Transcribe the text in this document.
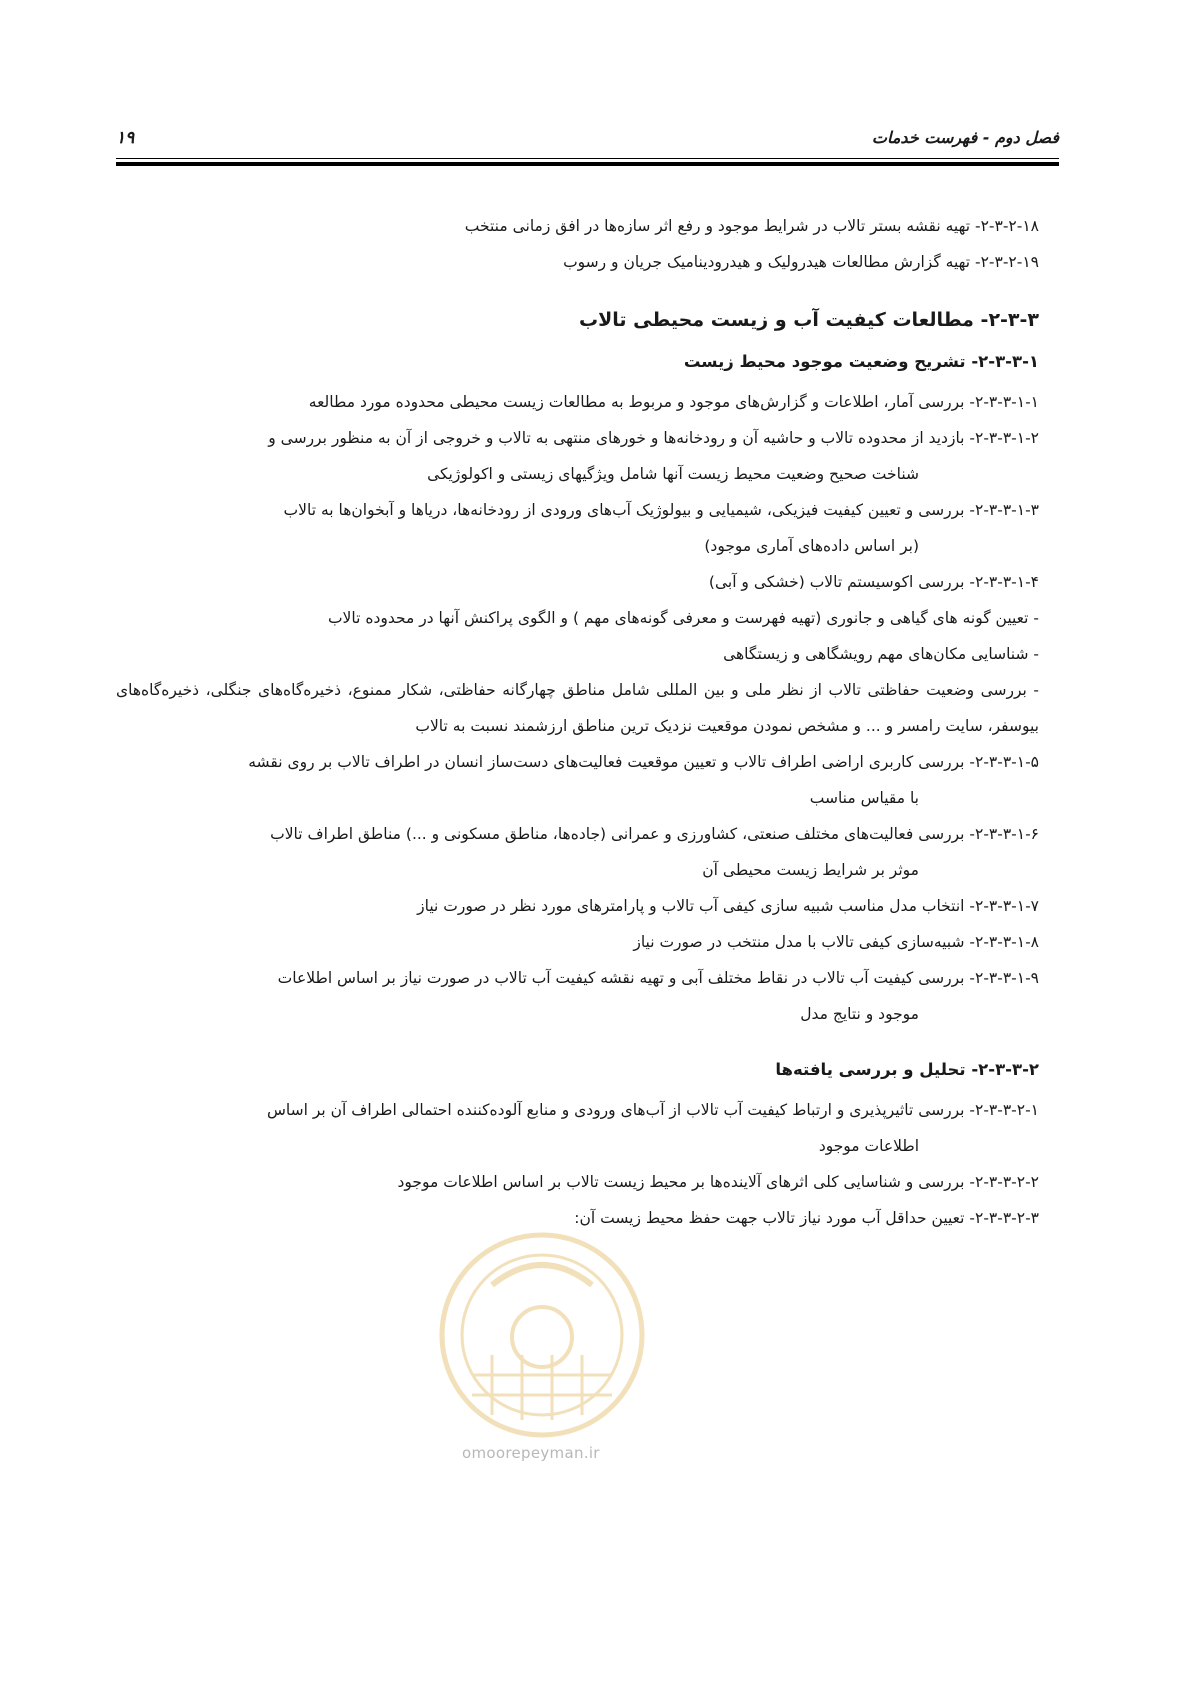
فصل دوم - فهرست خدمات
۱۹
۲-۳-۲-۱۸- تهیه نقشه بستر تالاب در شرایط موجود و رفع اثر سازه‌ها در افق زمانی منتخب
۲-۳-۲-۱۹- تهیه گزارش مطالعات هیدرولیک و هیدرودینامیک جریان و رسوب
۲-۳-۳- مطالعات کیفیت آب و زیست محیطی تالاب
۲-۳-۳-۱- تشریح وضعیت موجود محیط زیست
۲-۳-۳-۱-۱- بررسی آمار، اطلاعات و گزارش‌های موجود و مربوط به مطالعات زیست محیطی محدوده مورد مطالعه
۲-۳-۳-۱-۲- بازدید از محدوده تالاب و حاشیه آن و رودخانه‌ها و خورهای منتهی به تالاب و خروجی از آن به منظور بررسی و
شناخت صحیح وضعیت محیط زیست آنها شامل ویژگیهای زیستی و اکولوژیکی
۲-۳-۳-۱-۳- بررسی و تعیین کیفیت فیزیکی، شیمیایی و بیولوژیک آب‌های ورودی از رودخانه‌ها، دریاها و آبخوان‌ها به تالاب
(بر اساس داده‌های آماری موجود)
۲-۳-۳-۱-۴- بررسی اکوسیستم تالاب (خشکی و آبی)
- تعیین گونه های گیاهی و جانوری (تهیه فهرست و معرفی گونه‌های مهم ) و الگوی پراکنش آنها در محدوده تالاب
- شناسایی مکان‌های مهم رویشگاهی و زیستگاهی
- بررسی وضعیت حفاظتی تالاب از نظر ملی و بین المللی شامل مناطق چهارگانه حفاظتی، شکار ممنوع، ذخیره‌گاه‌های جنگلی، ذخیره‌گاه‌های بیوسفر، سایت رامسر و ... و مشخص نمودن موقعیت نزدیک ترین مناطق ارزشمند نسبت به تالاب
۲-۳-۳-۱-۵- بررسی کاربری اراضی اطراف تالاب و تعیین موقعیت فعالیت‌های دست‌ساز انسان در اطراف تالاب بر روی نقشه
با مقیاس مناسب
۲-۳-۳-۱-۶- بررسی فعالیت‌های مختلف صنعتی، کشاورزی و عمرانی (جاده‌ها، مناطق مسکونی و ...) مناطق اطراف تالاب
موثر بر شرایط زیست محیطی آن
۲-۳-۳-۱-۷- انتخاب مدل مناسب شبیه سازی کیفی آب تالاب و پارامترهای مورد نظر در صورت نیاز
۲-۳-۳-۱-۸- شبیه‌سازی کیفی تالاب با مدل منتخب در صورت نیاز
۲-۳-۳-۱-۹- بررسی کیفیت آب تالاب در نقاط مختلف آبی و تهیه نقشه کیفیت آب تالاب در صورت نیاز بر اساس اطلاعات
موجود و نتایج مدل
۲-۳-۳-۲- تحلیل و بررسی یافته‌ها
۲-۳-۳-۲-۱- بررسی تاثیرپذیری و ارتباط کیفیت آب تالاب از آب‌های ورودی و منابع آلوده‌کننده احتمالی اطراف آن بر اساس
اطلاعات موجود
۲-۳-۳-۲-۲- بررسی و شناسایی کلی اثرهای آلاینده‌ها بر محیط زیست تالاب بر اساس اطلاعات موجود
۲-۳-۳-۲-۳- تعیین حداقل آب مورد نیاز تالاب جهت حفظ محیط زیست آن:
omoorepeyman.ir
